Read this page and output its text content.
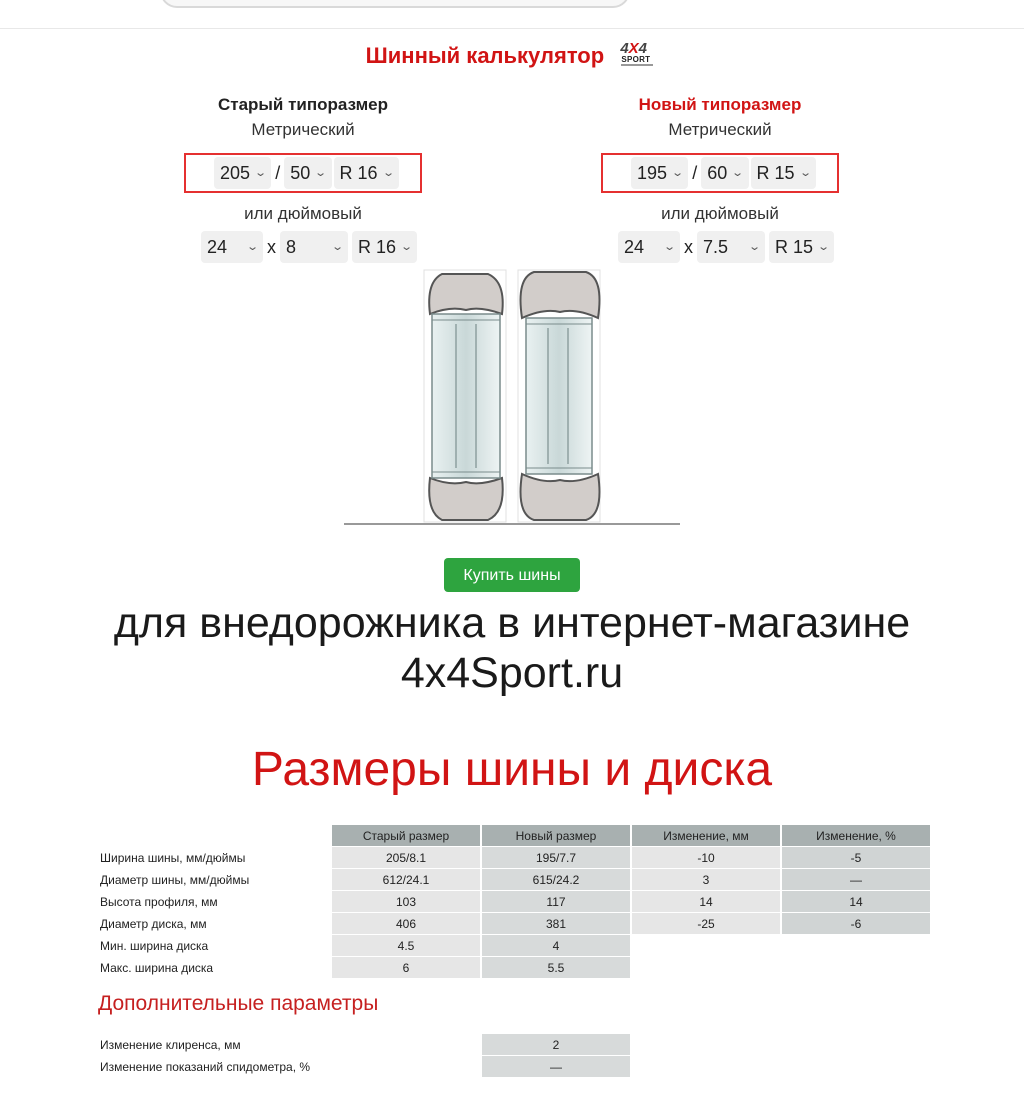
Шинный калькулятор 4X4
SPORT
Старый типоразмер
Метрический
205 ⌄ / 50 ⌄ R 16 ⌄
или дюймовый
24 ⌄ x 8	⌄ R 16 ⌄
Новый типоразмер
Метрический
195 ⌄ / 60 ⌄ R 15 ⌄
или дюймовый
24 ⌄ x 7.5 ⌄ R 15 ⌄
Купить шины
для внедорожника в интернет-магазине
4x4Sport.ru
Размеры шины и диска
	Старый размер	Новый размер	Изменение, мм	Изменение, %
Ширина шины, мм/дюймы	205/8.1	195/7.7	-10	-5
Диаметр шины, мм/дюймы	612/24.1	615/24.2	3	—
Высота профиля, мм	103	117	14	14
Диаметр диска, мм	406	381	-25	-6
Мин. ширина диска	4.5	4		
Макс. ширина диска	6	5.5		
Дополнительные параметры
Изменение клиренса, мм	2
Изменение показаний спидометра, %	—
